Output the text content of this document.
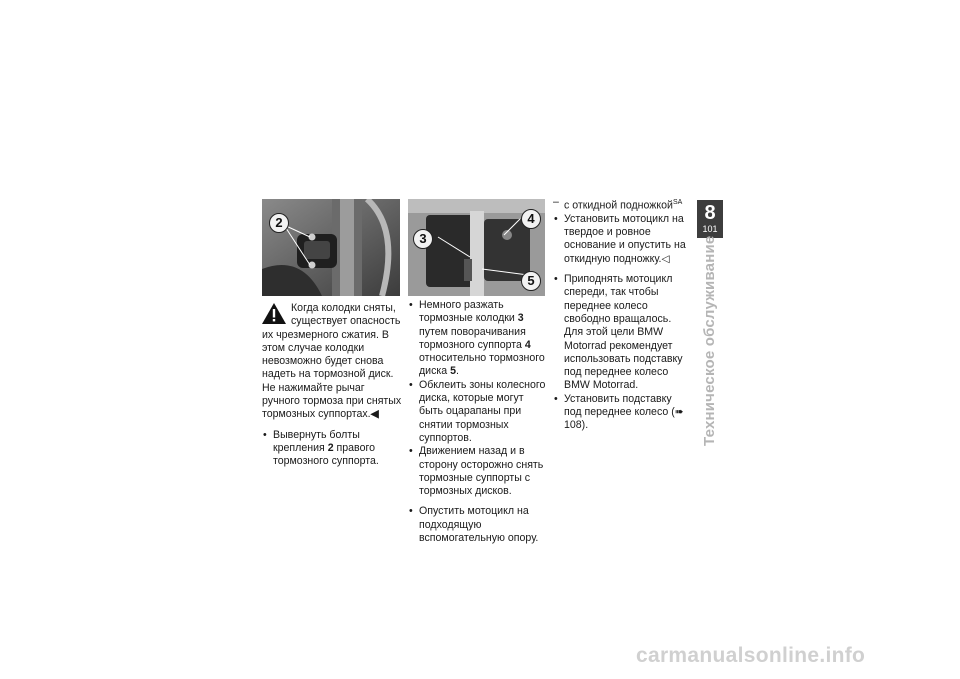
2	4
3
5

Когда колодки сняты, существует опасность их чрезмерного сжатия. В этом случае колодки невозможно будет снова надеть на тормозной диск.

Не нажимайте рычаг ручного тормоза при снятых тормозных суппортах.◀

• Вывернуть болты крепления 2 правого тормозного суппорта.

• Немного разжать тормозные колодки 3 путем поворачивания тормозного суппорта 4 относительно тормозного диска 5.

• Обклеить зоны колесного диска, которые могут быть оцарапаны при снятии тормозных суппортов.

• Движением назад и в сторону осторожно снять тормозные суппорты с тормозных дисков.

• Опустить мотоцикл на подходящую вспомогательную опору.

– с откидной подножкой$^{SA}$

• Установить мотоцикл на твердое и ровное основание и опустить на откидную подножку.◁

• Приподнять мотоцикл спереди, так чтобы переднее колесо свободно вращалось. Для этой цели BMW Motorrad рекомендует использовать подставку под переднее колесо BMW Motorrad.

• Установить подставку под переднее колесо (➠ 108).

8
101
Техническое обслуживание
carmanualsonline.info
